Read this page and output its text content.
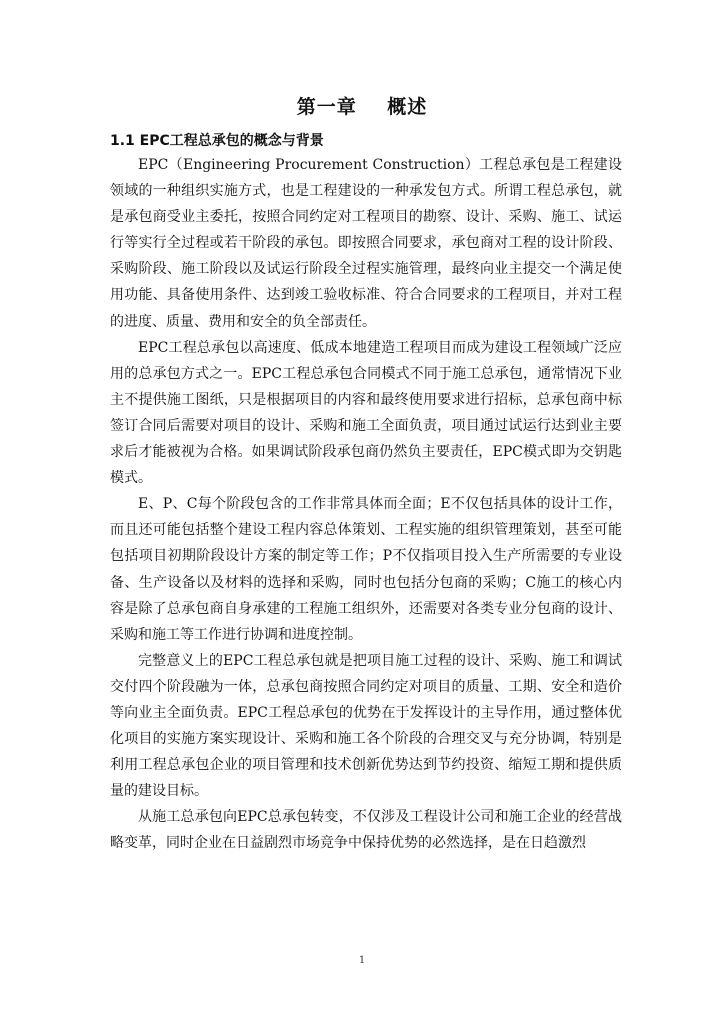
第一章    概述
1.1 EPC工程总承包的概念与背景

EPC（Engineering Procurement Construction）工程总承包是工程建设领域的一种组织实施方式，也是工程建设的一种承发包方式。所谓工程总承包，就是承包商受业主委托，按照合同约定对工程项目的勘察、设计、采购、施工、试运行等实行全过程或若干阶段的承包。即按照合同要求，承包商对工程的设计阶段、采购阶段、施工阶段以及试运行阶段全过程实施管理，最终向业主提交一个满足使用功能、具备使用条件、达到竣工验收标准、符合合同要求的工程项目，并对工程的进度、质量、费用和安全的负全部责任。

EPC工程总承包以高速度、低成本地建造工程项目而成为建设工程领域广泛应用的总承包方式之一。EPC工程总承包合同模式不同于施工总承包，通常情况下业主不提供施工图纸，只是根据项目的内容和最终使用要求进行招标，总承包商中标签订合同后需要对项目的设计、采购和施工全面负责，项目通过试运行达到业主要求后才能被视为合格。如果调试阶段承包商仍然负主要责任，EPC模式即为交钥匙模式。

E、P、C每个阶段包含的工作非常具体而全面；E不仅包括具体的设计工作，而且还可能包括整个建设工程内容总体策划、工程实施的组织管理策划，甚至可能包括项目初期阶段设计方案的制定等工作；P不仅指项目投入生产所需要的专业设备、生产设备以及材料的选择和采购，同时也包括分包商的采购；C施工的核心内容是除了总承包商自身承建的工程施工组织外，还需要对各类专业分包商的设计、采购和施工等工作进行协调和进度控制。

完整意义上的EPC工程总承包就是把项目施工过程的设计、采购、施工和调试交付四个阶段融为一体，总承包商按照合同约定对项目的质量、工期、安全和造价等向业主全面负责。EPC工程总承包的优势在于发挥设计的主导作用，通过整体优化项目的实施方案实现设计、采购和施工各个阶段的合理交叉与充分协调，特别是利用工程总承包企业的项目管理和技术创新优势达到节约投资、缩短工期和提供质量的建设目标。

从施工总承包向EPC总承包转变，不仅涉及工程设计公司和施工企业的经营战略变革，同时企业在日益剧烈市场竞争中保持优势的必然选择，是在日趋激烈

1
